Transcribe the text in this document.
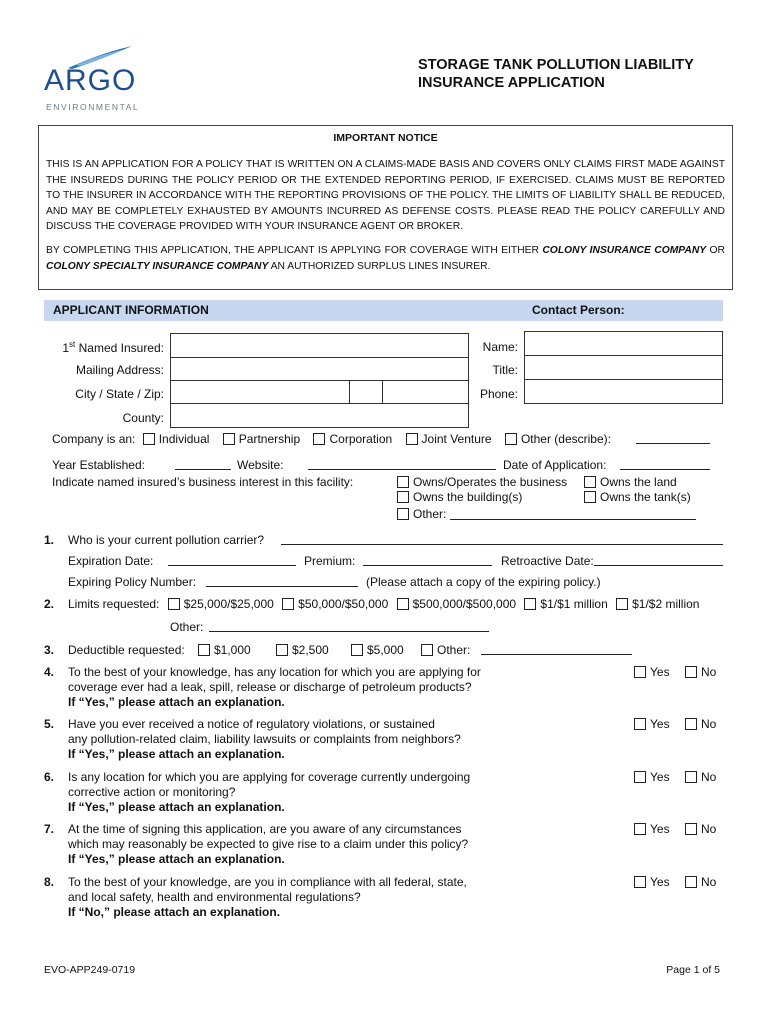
ARGO
ENVIRONMENTAL
STORAGE TANK POLLUTION LIABILITY
INSURANCE APPLICATION
IMPORTANT NOTICE
THIS IS AN APPLICATION FOR A POLICY THAT IS WRITTEN ON A CLAIMS-MADE BASIS AND COVERS ONLY CLAIMS FIRST MADE AGAINST THE INSUREDS DURING THE POLICY PERIOD OR THE EXTENDED REPORTING PERIOD, IF EXERCISED. CLAIMS MUST BE REPORTED TO THE INSURER IN ACCORDANCE WITH THE REPORTING PROVISIONS OF THE POLICY. THE LIMITS OF LIABILITY SHALL BE REDUCED, AND MAY BE COMPLETELY EXHAUSTED BY AMOUNTS INCURRED AS DEFENSE COSTS. PLEASE READ THE POLICY CAREFULLY AND DISCUSS THE COVERAGE PROVIDED WITH YOUR INSURANCE AGENT OR BROKER.
BY COMPLETING THIS APPLICATION, THE APPLICANT IS APPLYING FOR COVERAGE WITH EITHER COLONY INSURANCE COMPANY OR COLONY SPECIALTY INSURANCE COMPANY AN AUTHORIZED SURPLUS LINES INSURER.
APPLICANT INFORMATION	Contact Person:
1st Named Insured:
Mailing Address:
City / State / Zip:
County:
Name:
Title:
Phone:
Company is an: Individual Partnership Corporation Joint Venture Other (describe):
Year Established:	Website:	Date of Application:
Indicate named insured’s business interest in this facility:	Owns/Operates the business	Owns the land
Owns the building(s)	Owns the tank(s)
Other:
1. Who is your current pollution carrier?
Expiration Date:	Premium:	Retroactive Date:
Expiring Policy Number:	(Please attach a copy of the expiring policy.)
2. Limits requested: $25,000/$25,000 $50,000/$50,000 $500,000/$500,000 $1/$1 million $1/$2 million
Other:
3. Deductible requested:	$1,000	$2,500	$5,000	Other:
4. To the best of your knowledge, has any location for which you are applying for
coverage ever had a leak, spill, release or discharge of petroleum products?
If “Yes,” please attach an explanation.
Yes	No
5. Have you ever received a notice of regulatory violations, or sustained
any pollution-related claim, liability lawsuits or complaints from neighbors?
If “Yes,” please attach an explanation.
Yes	No
6. Is any location for which you are applying for coverage currently undergoing
corrective action or monitoring?
If “Yes,” please attach an explanation.
Yes	No
7. At the time of signing this application, are you aware of any circumstances
which may reasonably be expected to give rise to a claim under this policy?
If “Yes,” please attach an explanation.
Yes	No
8. To the best of your knowledge, are you in compliance with all federal, state,
and local safety, health and environmental regulations?
If “No,” please attach an explanation.
Yes	No
EVO-APP249-0719	Page 1 of 5
